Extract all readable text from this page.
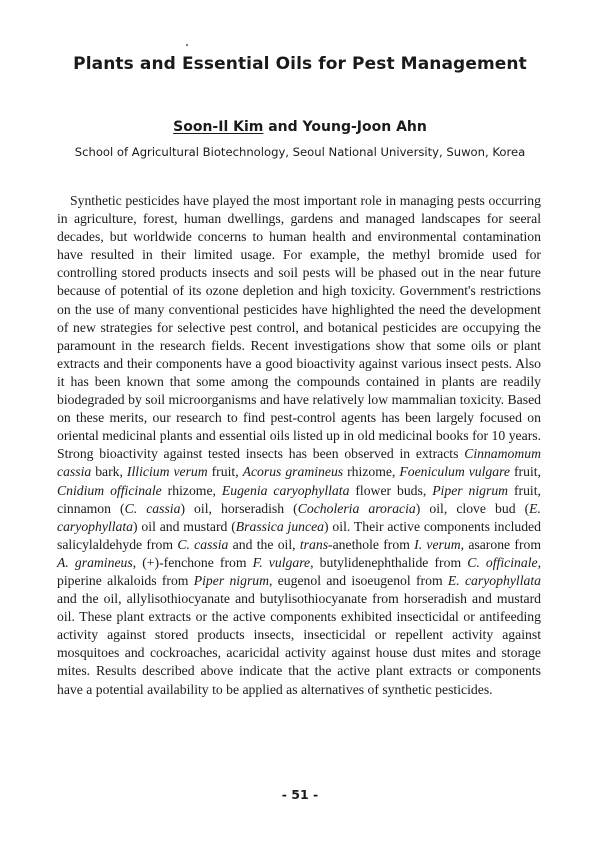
Plants and Essential Oils for Pest Management

Soon-Il Kim and Young-Joon Ahn

School of Agricultural Biotechnology, Seoul National University, Suwon, Korea

Synthetic pesticides have played the most important role in managing pests occurring in agriculture, forest, human dwellings, gardens and managed landscapes for seeral decades, but worldwide concerns to human health and environmental contamination have resulted in their limited usage. For example, the methyl bromide used for controlling stored products insects and soil pests will be phased out in the near future because of potential of its ozone depletion and high toxicity. Government's restrictions on the use of many conventional pesticides have highlighted the need the development of new strategies for selective pest control, and botanical pesticides are occupying the paramount in the research fields. Recent investigations show that some oils or plant extracts and their components have a good bioactivity against various insect pests. Also it has been known that some among the compounds contained in plants are readily biodegraded by soil microorganisms and have relatively low mammalian toxicity. Based on these merits, our research to find pest-control agents has been largely focused on oriental medicinal plants and essential oils listed up in old medicinal books for 10 years. Strong bioactivity against tested insects has been observed in extracts Cinnamomum cassia bark, Illicium verum fruit, Acorus gramineus rhizome, Foeniculum vulgare fruit, Cnidium officinale rhizome, Eugenia caryophyllata flower buds, Piper nigrum fruit, cinnamon (C. cassia) oil, horseradish (Cocholeria aroracia) oil, clove bud (E. caryophyllata) oil and mustard (Brassica juncea) oil. Their active components included salicylaldehyde from C. cassia and the oil, trans-anethole from I. verum, asarone from A. gramineus, (+)-fenchone from F. vulgare, butylidenephthalide from C. officinale, piperine alkaloids from Piper nigrum, eugenol and isoeugenol from E. caryophyllata and the oil, allylisothiocyanate and butylisothiocyanate from horseradish and mustard oil. These plant extracts or the active components exhibited insecticidal or antifeeding activity against stored products insects, insecticidal or repellent activity against mosquitoes and cockroaches, acaricidal activity against house dust mites and storage mites. Results described above indicate that the active plant extracts or components have a potential availability to be applied as alternatives of synthetic pesticides.

- 51 -
